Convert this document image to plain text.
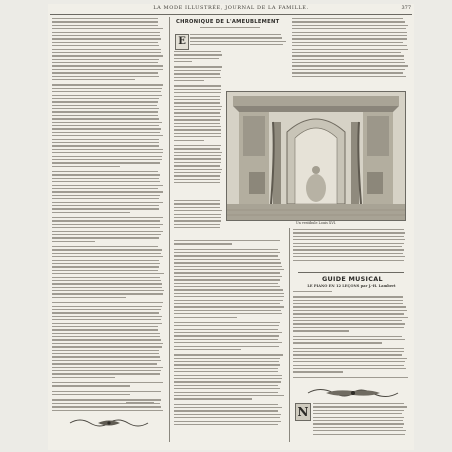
LA MODE ILLUSTRÉE, JOURNAL DE LA FAMILLE.	377
CHRONIQUE DE L'AMEUBLEMENT
E
Un vestibule Louis XVI.
GUIDE MUSICAL
LE PIANO EN 12 LEÇONS par J.-H. Lambert
N
